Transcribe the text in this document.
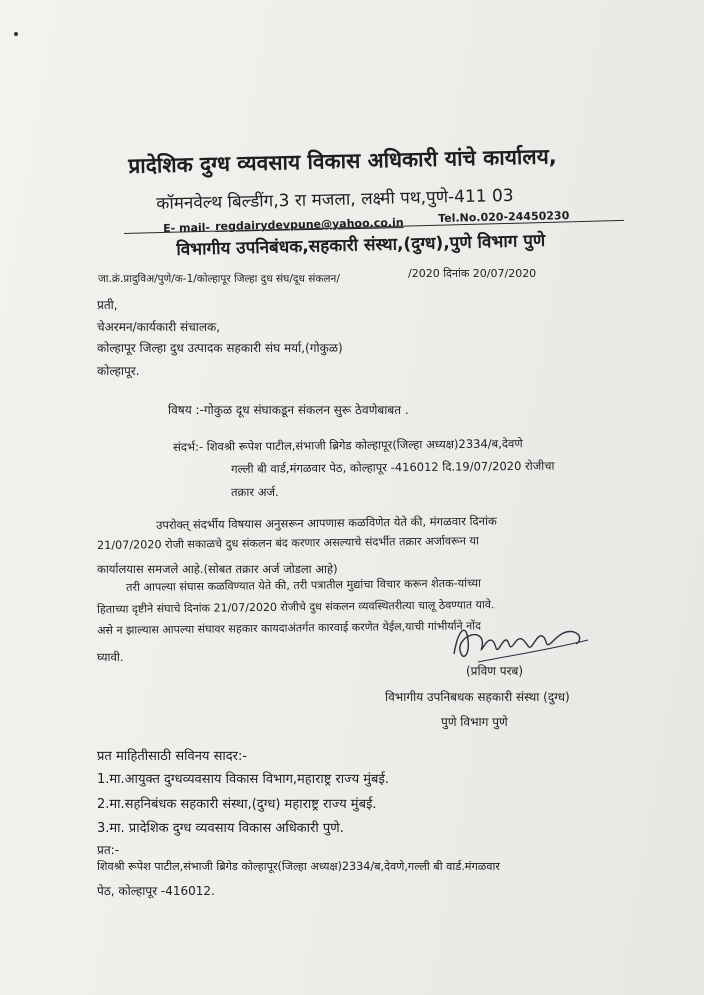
प्रादेशिक दुग्ध व्यवसाय विकास अधिकारी यांचे कार्यालय,
कॉमनवेल्थ बिल्डींग,3 रा मजला, लक्ष्मी पथ,पुणे-411 03
E- mail- regdairydevpune@yahoo.co.in	Tel.No.020-24450230
विभागीय उपनिबंधक,सहकारी संस्था,(दुग्ध),पुणे विभाग पुणे
जा.क्रं.प्रादुविअ/पुणे/क-1/कोल्हापूर जिल्हा दुध संघ/दूध संकलन/	/2020 दिनांक 20/07/2020
प्रती,
चेअरमन/कार्यकारी संचालक,
कोल्हापूर जिल्हा दुध उत्पादक सहकारी संघ मर्या,(गोकुळ)
कोल्हापूर.
विषय :-गोकुळ दूध संघाकडून संकलन सुरू ठेवणेबाबत .
संदर्भ:- शिवश्री रूपेश पाटील,संभाजी ब्रिगेड कोल्हापूर(जिल्हा अध्यक्ष)2334/ब,देवणे
गल्ली बी वार्ड,मंगळवार पेठ, कोल्हापूर -416012 दि.19/07/2020 रोजीचा
तक्रार अर्ज.
उपरोक्त् संदर्भीय विषयास अनुसरून आपणास कळविणेत येते की, मंगळवार दिनांक
21/07/2020 रोजी सकाळचे दुध संकलन बंद करणार असल्याचे संदर्भीत तक्रार अर्जावरून या
कार्यालयास समजले आहे.(सोबत तक्रार अर्ज जोडला आहे)
तरी आपल्या संघास कळविण्यात येते की, तरी पत्रातील मुद्यांचा विचार करून शेतक-यांच्या
हिताच्या दृष्टीने संघाचे दिनांक 21/07/2020 रोजीचे दुध संकलन व्यवस्थितरीत्या चालू ठेवण्यात यावे.
असे न झाल्यास आपल्या संघावर सहकार कायदाअंतर्गत कारवाई करणेत येईल,याची गांभीर्याने नोंद
घ्यावी.
(प्रविण परब)
विभागीय उपनिबधक सहकारी संस्था (दुग्ध)
पुणे विभाग पुणे
प्रत माहितीसाठी सविनय सादर:-
1.मा.आयुक्त दुग्धव्यवसाय विकास विभाग,महाराष्ट्र राज्य मुंबई.
2.मा.सहनिबंधक सहकारी संस्था,(दुग्ध) महाराष्ट्र राज्य मुंबई.
3.मा. प्रादेशिक दुग्ध व्यवसाय विकास अधिकारी पुणे.
प्रत:-
शिवश्री रूपेश पाटील,संभाजी ब्रिगेड कोल्हापूर(जिल्हा अध्यक्ष)2334/ब,देवणे,गल्ली बी वार्ड.मंगळवार
पेठ, कोल्हापूर -416012.
